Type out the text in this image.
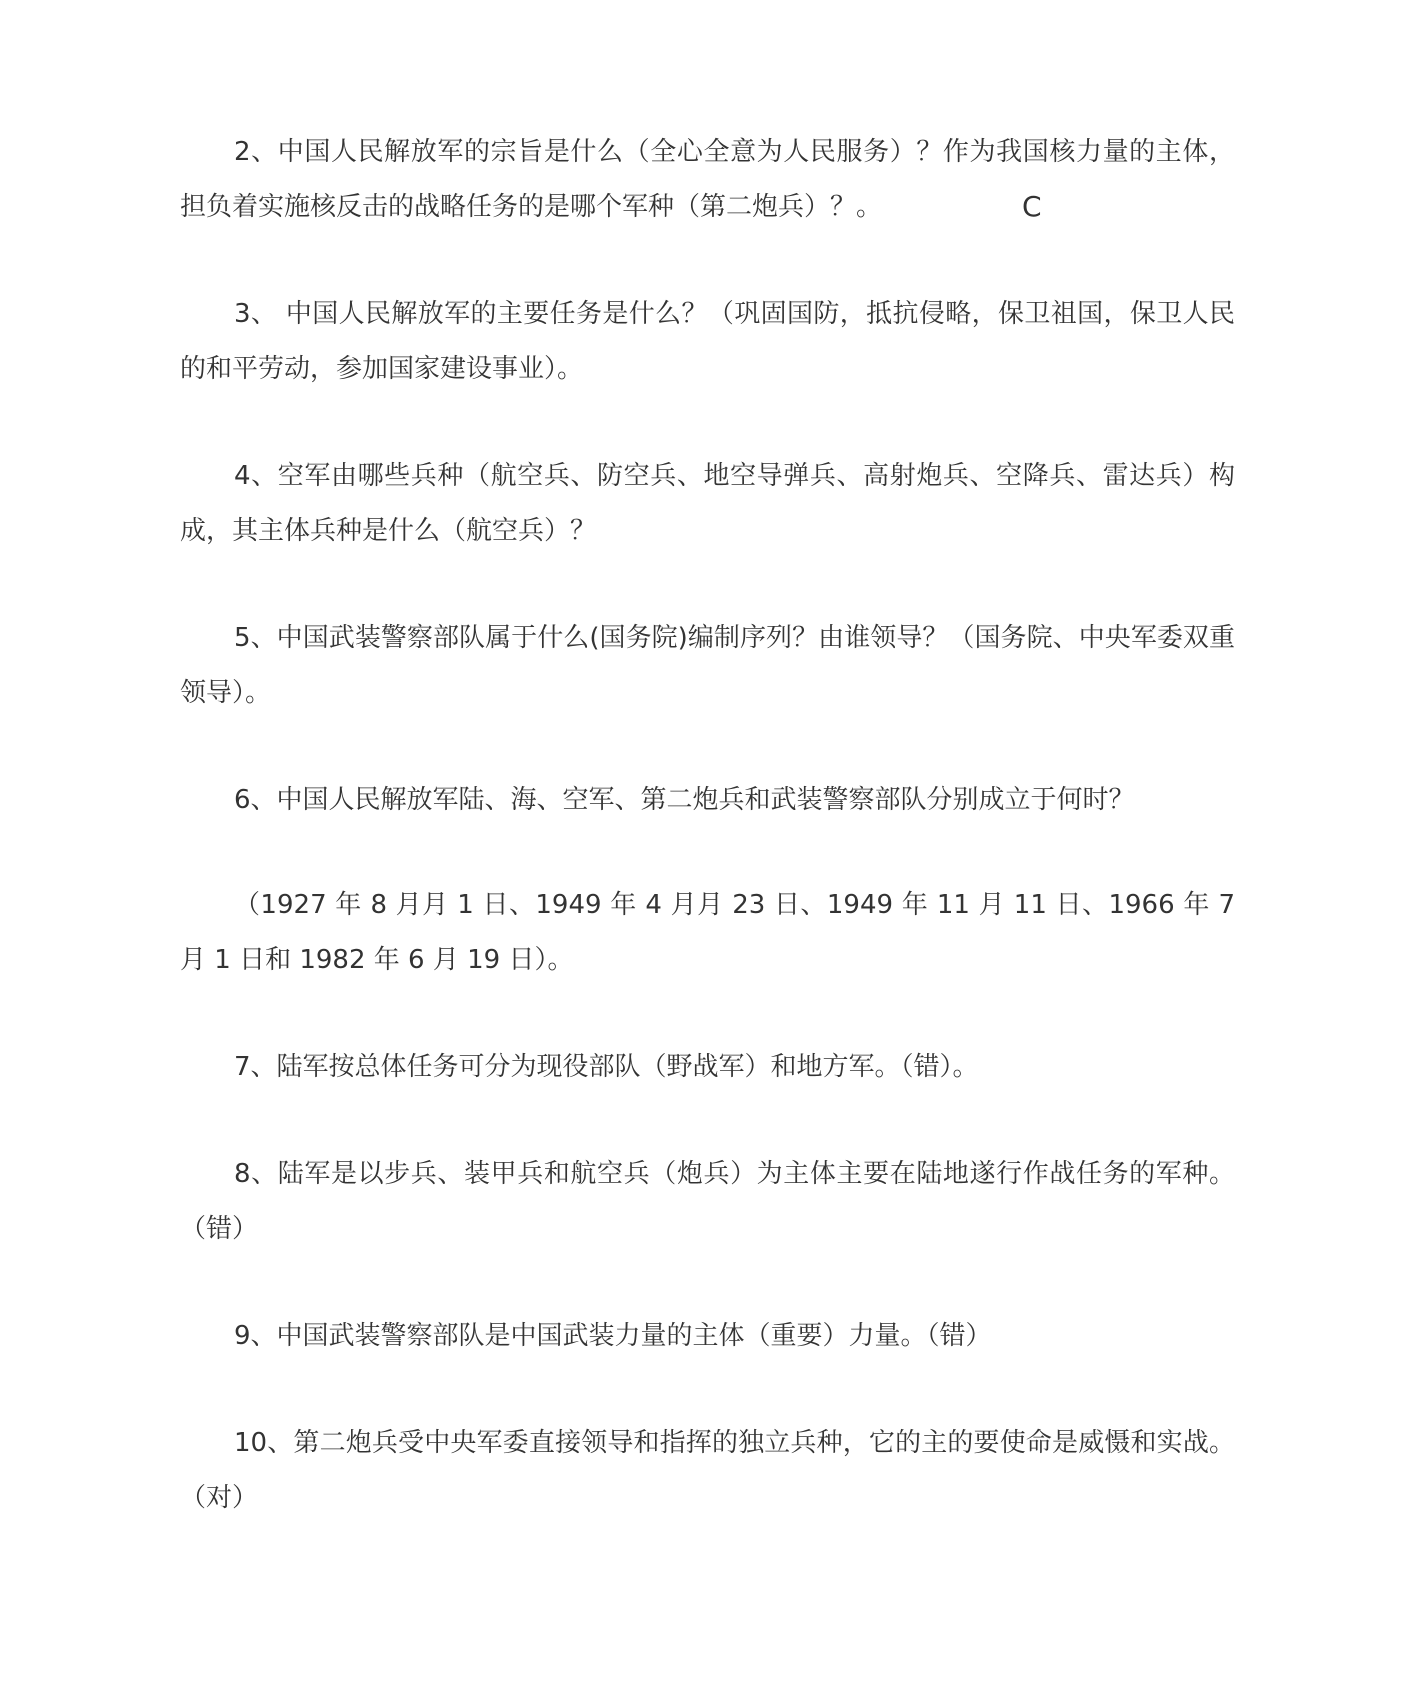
2、中国人民解放军的宗旨是什么（全心全意为人民服务）？作为我国核力量的主体，担负着实施核反击的战略任务的是哪个军种（第二炮兵）？。

3、 中国人民解放军的主要任务是什么？（巩固国防，抵抗侵略，保卫祖国，保卫人民的和平劳动，参加国家建设事业）。

4、空军由哪些兵种（航空兵、防空兵、地空导弹兵、高射炮兵、空降兵、雷达兵）构成，其主体兵种是什么（航空兵）？

5、中国武装警察部队属于什么(国务院)编制序列？由谁领导？（国务院、中央军委双重领导）。

6、中国人民解放军陆、海、空军、第二炮兵和武装警察部队分别成立于何时？

（1927 年 8 月月 1 日、1949 年 4 月月 23 日、1949 年 11 月 11 日、1966 年 7 月 1 日和 1982 年 6 月 19 日）。

7、陆军按总体任务可分为现役部队（野战军）和地方军。（错）。

8、陆军是以步兵、装甲兵和航空兵（炮兵）为主体主要在陆地遂行作战任务的军种。（错）

9、中国武装警察部队是中国武装力量的主体（重要）力量。（错）

10、第二炮兵受中央军委直接领导和指挥的独立兵种，它的主的要使命是威慑和实战。（对）

C
